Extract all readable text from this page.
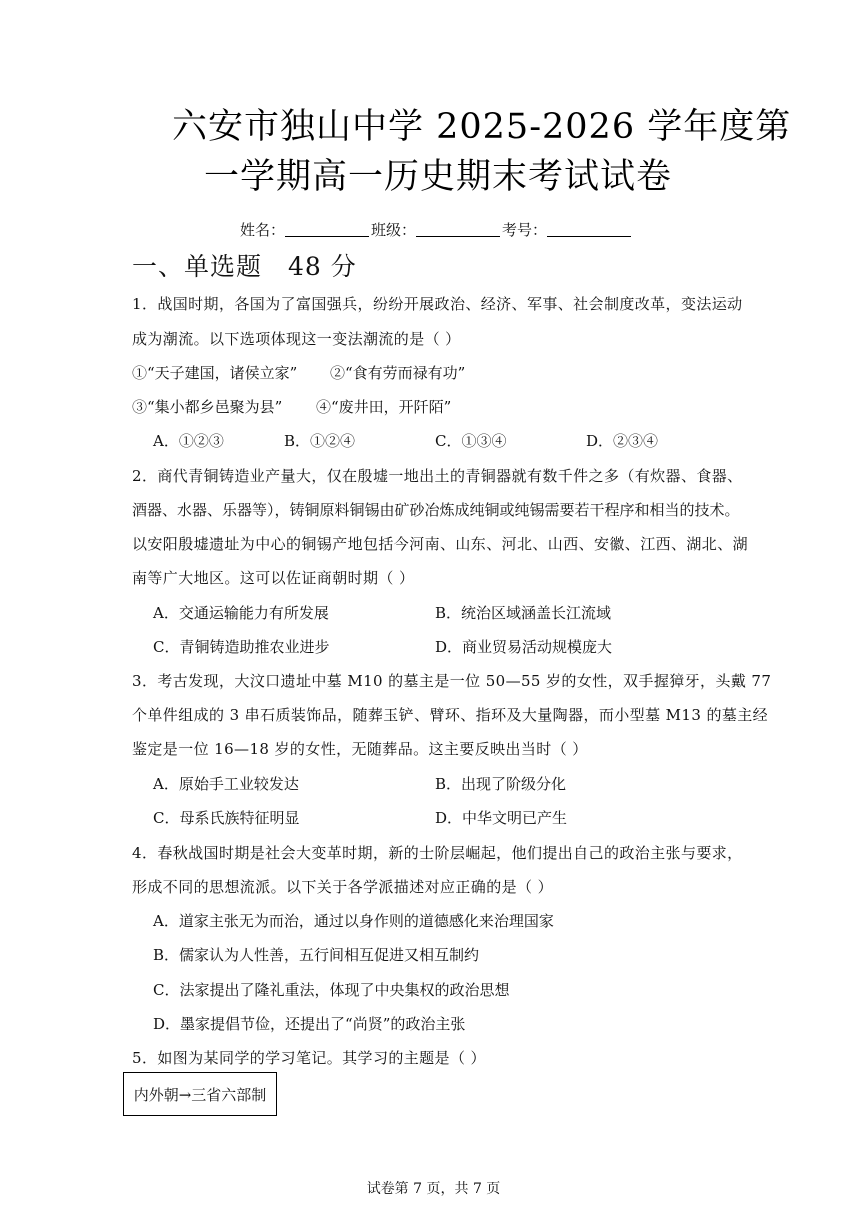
六安市独山中学 2025-2026 学年度第
一学期高一历史期末考试试卷
姓名：	班级：	考号：
一、单选题　48 分
1．战国时期，各国为了富国强兵，纷纷开展政治、经济、军事、社会制度改革，变法运动
成为潮流。以下选项体现这一变法潮流的是（ ）
①“天子建国，诸侯立家” ②“食有劳而禄有功”
③“集小都乡邑聚为县” ④“废井田，开阡陌”
A．①②③	B．①②④	C．①③④	D．②③④
2．商代青铜铸造业产量大，仅在殷墟一地出土的青铜器就有数千件之多（有炊器、食器、
酒器、水器、乐器等），铸铜原料铜锡由矿砂冶炼成纯铜或纯锡需要若干程序和相当的技术。
以安阳殷墟遗址为中心的铜锡产地包括今河南、山东、河北、山西、安徽、江西、湖北、湖
南等广大地区。这可以佐证商朝时期（ ）
A．交通运输能力有所发展	B．统治区域涵盖长江流域
C．青铜铸造助推农业进步	D．商业贸易活动规模庞大
3．考古发现，大汶口遗址中墓 M10 的墓主是一位 50—55 岁的女性，双手握獐牙，头戴 77
个单件组成的 3 串石质装饰品，随葬玉铲、臂环、指环及大量陶器，而小型墓 M13 的墓主经
鉴定是一位 16—18 岁的女性，无随葬品。这主要反映出当时（ ）
A．原始手工业较发达	B．出现了阶级分化
C．母系氏族特征明显	D．中华文明已产生
4．春秋战国时期是社会大变革时期，新的士阶层崛起，他们提出自己的政治主张与要求，
形成不同的思想流派。以下关于各学派描述对应正确的是（ ）
A．道家主张无为而治，通过以身作则的道德感化来治理国家
B．儒家认为人性善，五行间相互促进又相互制约
C．法家提出了隆礼重法，体现了中央集权的政治思想
D．墨家提倡节俭，还提出了“尚贤”的政治主张
5．如图为某同学的学习笔记。其学习的主题是（ ）
内外朝→三省六部制
试卷第 7 页，共 7 页
